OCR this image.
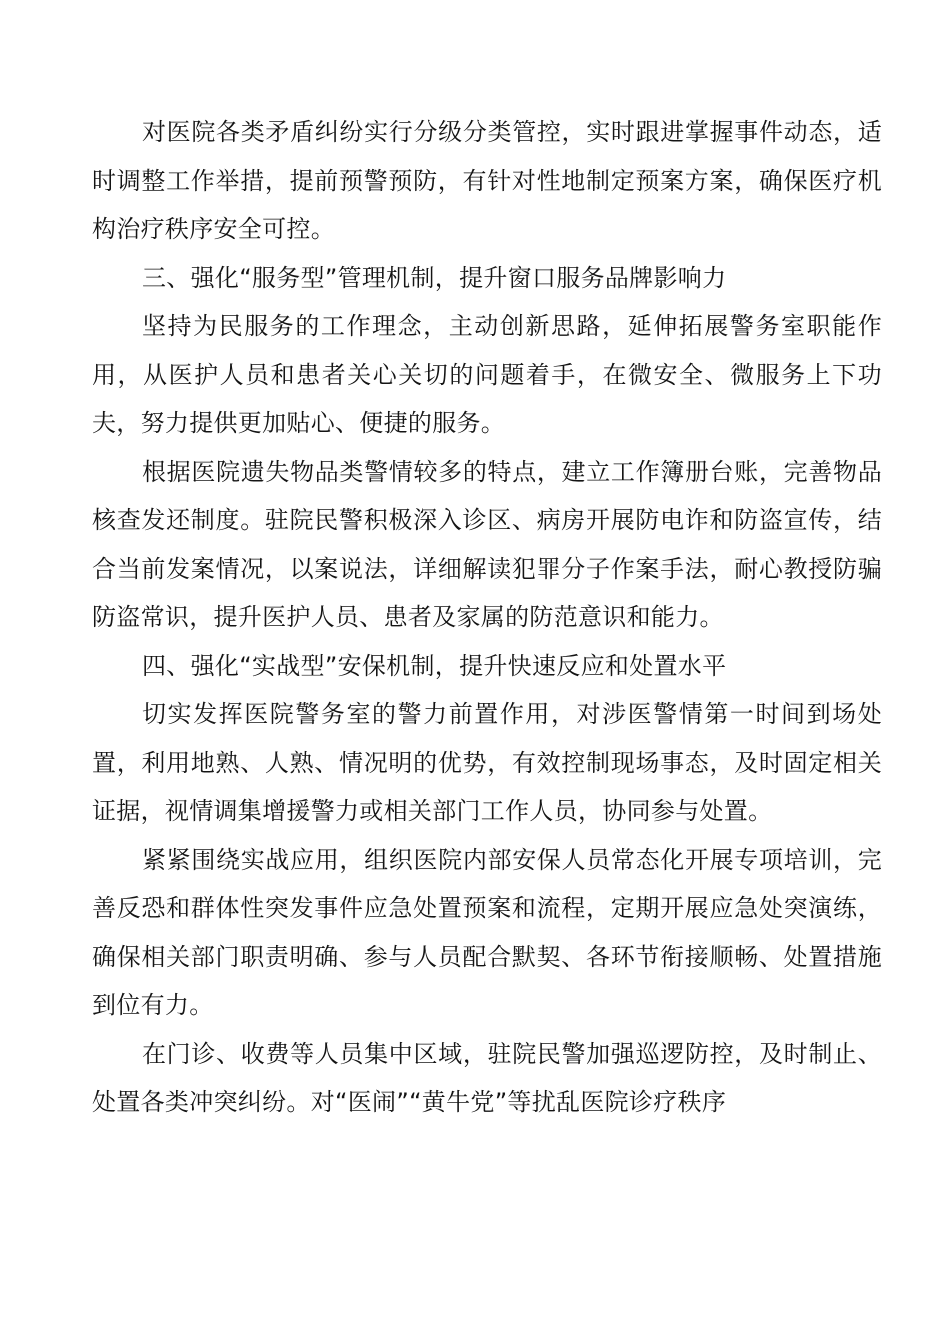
对医院各类矛盾纠纷实行分级分类管控，实时跟进掌握事件动态，适时调整工作举措，提前预警预防，有针对性地制定预案方案，确保医疗机构治疗秩序安全可控。

三、强化“服务型”管理机制，提升窗口服务品牌影响力

坚持为民服务的工作理念，主动创新思路，延伸拓展警务室职能作用，从医护人员和患者关心关切的问题着手，在微安全、微服务上下功夫，努力提供更加贴心、便捷的服务。

根据医院遗失物品类警情较多的特点，建立工作簿册台账，完善物品核查发还制度。驻院民警积极深入诊区、病房开展防电诈和防盗宣传，结合当前发案情况，以案说法，详细解读犯罪分子作案手法，耐心教授防骗防盗常识，提升医护人员、患者及家属的防范意识和能力。

四、强化“实战型”安保机制，提升快速反应和处置水平

切实发挥医院警务室的警力前置作用，对涉医警情第一时间到场处置，利用地熟、人熟、情况明的优势，有效控制现场事态，及时固定相关证据，视情调集增援警力或相关部门工作人员，协同参与处置。

紧紧围绕实战应用，组织医院内部安保人员常态化开展专项培训，完善反恐和群体性突发事件应急处置预案和流程，定期开展应急处突演练，确保相关部门职责明确、参与人员配合默契、各环节衔接顺畅、处置措施到位有力。

在门诊、收费等人员集中区域，驻院民警加强巡逻防控，及时制止、处置各类冲突纠纷。对“医闹”“黄牛党”等扰乱医院诊疗秩序
